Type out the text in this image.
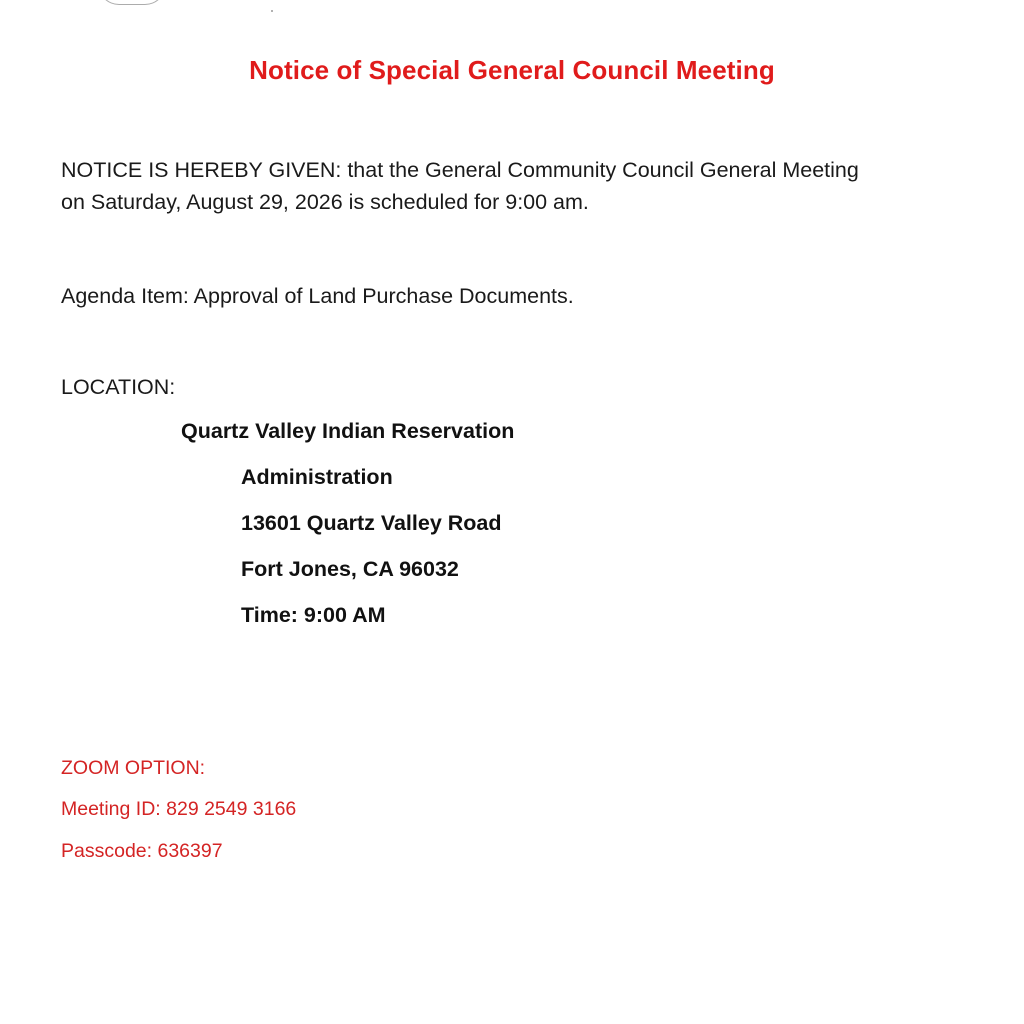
Notice of Special General Council Meeting
NOTICE IS HEREBY GIVEN: that the General Community Council General Meeting
on Saturday, August 29, 2026 is scheduled for 9:00 am.
Agenda Item: Approval of Land Purchase Documents.
LOCATION:
Quartz Valley Indian Reservation
Administration
13601 Quartz Valley Road
Fort Jones, CA 96032
Time: 9:00 AM
ZOOM OPTION:
Meeting ID: 829 2549 3166
Passcode: 636397
